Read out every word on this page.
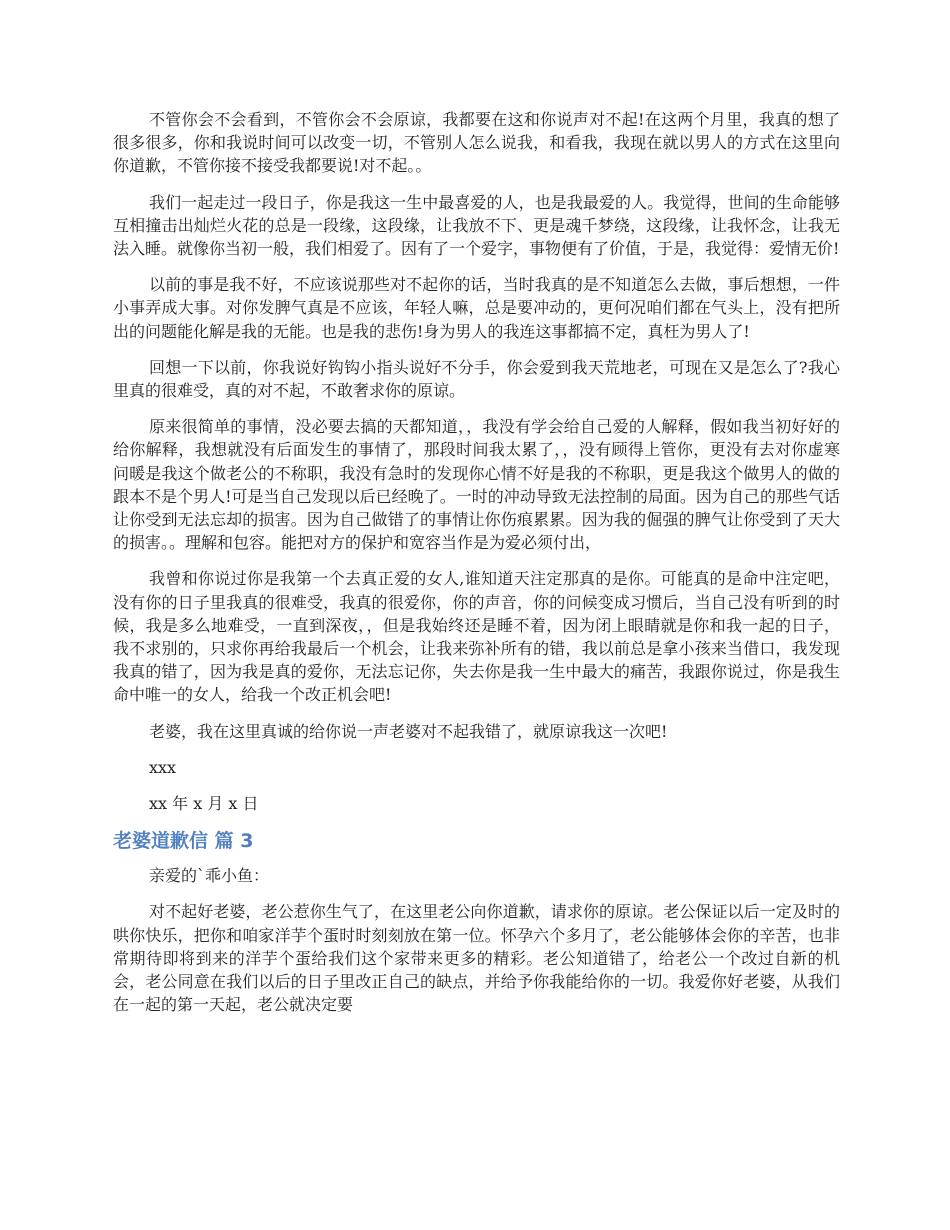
不管你会不会看到，不管你会不会原谅，我都要在这和你说声对不起!在这两个月里，我真的想了很多很多，你和我说时间可以改变一切，不管别人怎么说我，和看我，我现在就以男人的方式在这里向你道歉，不管你接不接受我都要说!对不起。。

我们一起走过一段日子，你是我这一生中最喜爱的人，也是我最爱的人。我觉得，世间的生命能够互相撞击出灿烂火花的总是一段缘，这段缘，让我放不下、更是魂千梦绕，这段缘，让我怀念，让我无法入睡。就像你当初一般，我们相爱了。因有了一个爱字，事物便有了价值，于是，我觉得：爱情无价!

以前的事是我不好，不应该说那些对不起你的话，当时我真的是不知道怎么去做，事后想想，一件小事弄成大事。对你发脾气真是不应该，年轻人嘛，总是要冲动的，更何况咱们都在气头上，没有把所出的问题能化解是我的无能。也是我的悲伤!身为男人的我连这事都搞不定，真枉为男人了!

回想一下以前，你我说好钩钩小指头说好不分手，你会爱到我天荒地老，可现在又是怎么了?我心里真的很难受，真的对不起，不敢奢求你的原谅。

原来很简单的事情，没必要去搞的天都知道，，我没有学会给自己爱的人解释，假如我当初好好的给你解释，我想就没有后面发生的事情了，那段时间我太累了，，没有顾得上管你，更没有去对你虚寒问暖是我这个做老公的不称职，我没有急时的发现你心情不好是我的不称职，更是我这个做男人的做的跟本不是个男人!可是当自己发现以后已经晚了。一时的冲动导致无法控制的局面。因为自己的那些气话让你受到无法忘却的损害。因为自己做错了的事情让你伤痕累累。因为我的倔强的脾气让你受到了天大的损害。。理解和包容。能把对方的保护和宽容当作是为爱必须付出，

我曾和你说过你是我第一个去真正爱的女人,谁知道天注定那真的是你。可能真的是命中注定吧，没有你的日子里我真的很难受，我真的很爱你，你的声音，你的问候变成习惯后，当自己没有听到的时候，我是多么地难受，一直到深夜，，但是我始终还是睡不着，因为闭上眼睛就是你和我一起的日子，我不求别的，只求你再给我最后一个机会，让我来弥补所有的错，我以前总是拿小孩来当借口，我发现我真的错了，因为我是真的爱你，无法忘记你，失去你是我一生中最大的痛苦，我跟你说过，你是我生命中唯一的女人，给我一个改正机会吧!

老婆，我在这里真诚的给你说一声老婆对不起我错了，就原谅我这一次吧!

xxx

xx 年 x 月 x 日

老婆道歉信 篇 3

亲爱的`乖小鱼：

对不起好老婆，老公惹你生气了，在这里老公向你道歉，请求你的原谅。老公保证以后一定及时的哄你快乐，把你和咱家洋芋个蛋时时刻刻放在第一位。怀孕六个多月了，老公能够体会你的辛苦，也非常期待即将到来的洋芋个蛋给我们这个家带来更多的精彩。老公知道错了，给老公一个改过自新的机会，老公同意在我们以后的日子里改正自己的缺点，并给予你我能给你的一切。我爱你好老婆，从我们在一起的第一天起，老公就决定要
